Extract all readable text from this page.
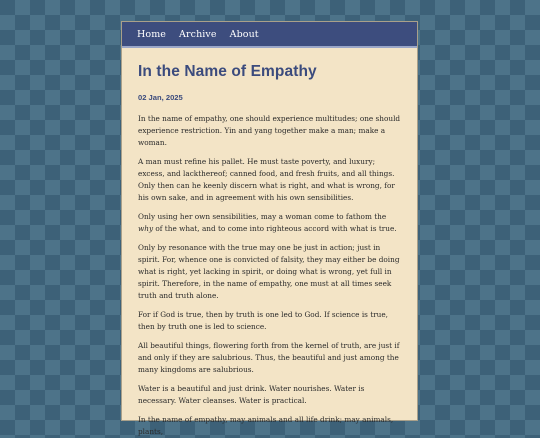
Home Archive About
In the Name of Empathy
02 Jan, 2025

In the name of empathy, one should experience multitudes; one should experience restriction. Yin and yang together make a man; make a woman.

A man must refine his pallet. He must taste poverty, and luxury; excess, and lackthereof; canned food, and fresh fruits, and all things. Only then can he keenly discern what is right, and what is wrong, for his own sake, and in agreement with his own sensibilities.

Only using her own sensibilities, may a woman come to fathom the why of the what, and to come into righteous accord with what is true.

Only by resonance with the true may one be just in action; just in spirit. For, whence one is convicted of falsity, they may either be doing what is right, yet lacking in spirit, or doing what is wrong, yet full in spirit. Therefore, in the name of empathy, one must at all times seek truth and truth alone.

For if God is true, then by truth is one led to God. If science is true, then by truth one is led to science.

All beautiful things, flowering forth from the kernel of truth, are just if and only if they are salubrious. Thus, the beautiful and just among the many kingdoms are salubrious.

Water is a beautiful and just drink. Water nourishes. Water is necessary. Water cleanses. Water is practical.

In the name of empathy, may animals and all life drink; may animals, plants,
